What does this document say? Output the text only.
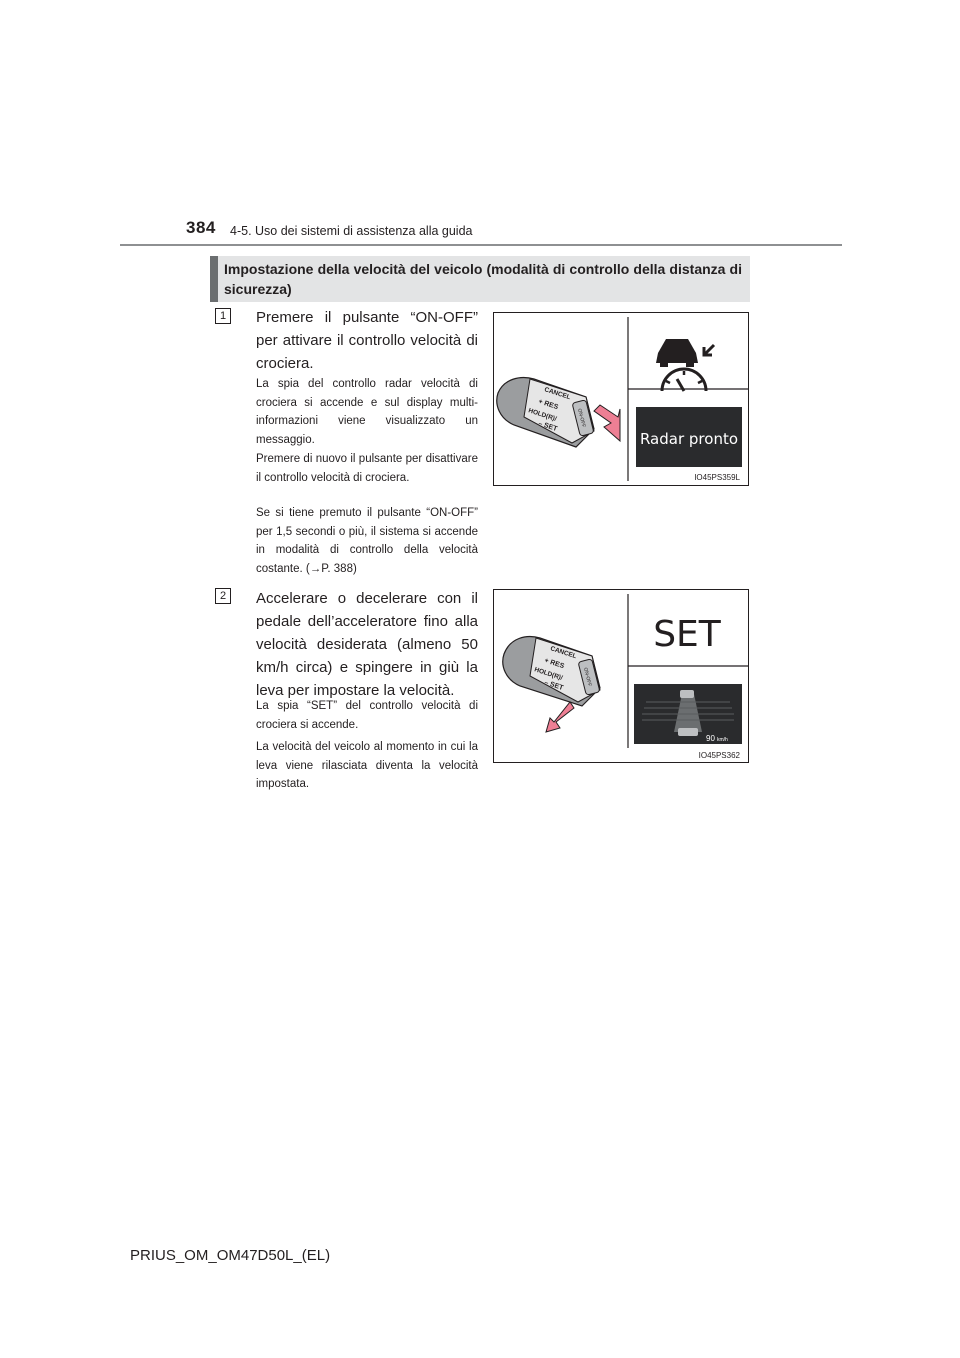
384 4-5. Uso dei sistemi di assistenza alla guida
Impostazione della velocità del veicolo (modalità di controllo della distanza di sicurezza)
1	Premere il pulsante “ON-OFF” per attivare il controllo velocità di crociera.
La spia del controllo radar velocità di crociera si accende e sul display multi-informazioni viene visualizzato un messaggio.
Premere di nuovo il pulsante per disattivare il controllo velocità di crociera.
Se si tiene premuto il pulsante “ON-OFF” per 1,5 secondi o più, il sistema si accende in modalità di controllo della velocità costante. (→P. 388)
Radar pronto
CANCEL
+ RES
HOLD(R)/
– SET	ON-OFF
IO45PS359L
2	Accelerare o decelerare con il pedale dell’acceleratore fino alla velocità desiderata (almeno 50 km/h circa) e spingere in giù la leva per impostare la velocità.
La spia “SET” del controllo velocità di crociera si accende.
La velocità del veicolo al momento in cui la leva viene rilasciata diventa la velocità impostata.
SET
90 km/h
CANCEL
+ RES
HOLD(R)/
– SET	ON-OFF
IO45PS362
PRIUS_OM_OM47D50L_(EL)
